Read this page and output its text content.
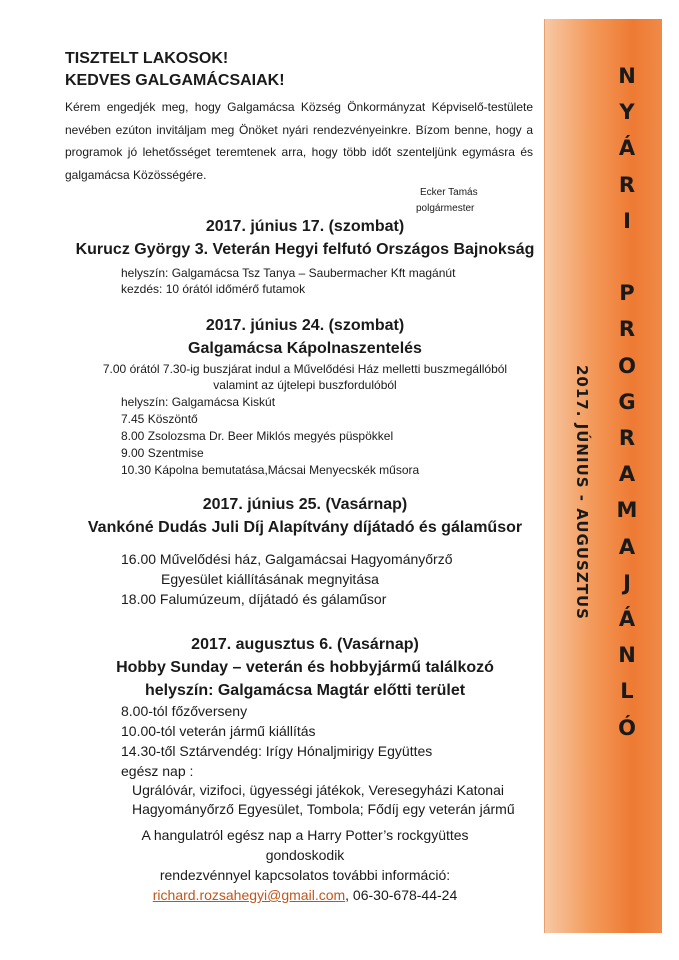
N
Y
Á
R
I

P
R
O
G
R
A
M
A
J
Á
N
L
Ó
2017. JÚNIUS - AUGUSZTUS
TISZTELT LAKOSOK!
KEDVES GALGAMÁCSAIAK!
Kérem engedjék meg, hogy Galgamácsa Község Önkormányzat Képviselő-testülete nevében ezúton invitáljam meg Önöket nyári rendezvényeinkre. Bízom benne, hogy a programok jó lehetősséget teremtenek arra, hogy több időt szenteljünk egymásra és galgamácsa Közösségére.
Ecker Tamás
polgármester
2017. június 17. (szombat)
Kurucz György 3. Veterán Hegyi felfutó Országos Bajnokság
helyszín: Galgamácsa Tsz Tanya – Saubermacher Kft magánút
kezdés: 10 órától időmérő futamok
2017. június 24. (szombat)
Galgamácsa Kápolnaszentelés
7.00 órától 7.30-ig buszjárat indul a Művelődési Ház melletti buszmegállóból
valamint az újtelepi buszfordulóból
helyszín: Galgamácsa Kiskút
7.45 Köszöntő
8.00 Zsolozsma Dr. Beer Miklós megyés püspökkel
9.00 Szentmise
10.30 Kápolna bemutatása,Mácsai Menyecskék műsora
2017. június 25. (Vasárnap)
Vankóné Dudás Juli Díj Alapítvány díjátadó és gálaműsor
16.00 Művelődési ház, Galgamácsai Hagyományőrző
Egyesület kiállításának megnyitása
18.00 Falumúzeum, díjátadó és gálaműsor
2017. augusztus 6. (Vasárnap)
Hobby Sunday – veterán és hobbyjármű találkozó
helyszín: Galgamácsa Magtár előtti terület
8.00-tól főzőverseny
10.00-tól veterán jármű kiállítás
14.30-től Sztárvendég: Irígy Hónaljmirigy Együttes
egész nap :
Ugrálóvár, vizifoci, ügyességi játékok, Veresegyházi Katonai
Hagyományőrző Egyesület, Tombola; Fődíj egy veterán jármű
A hangulatról egész nap a Harry Potter’s rockgyüttes
gondoskodik
rendezvénnyel kapcsolatos további információ:
richard.rozsahegyi@gmail.com, 06-30-678-44-24
